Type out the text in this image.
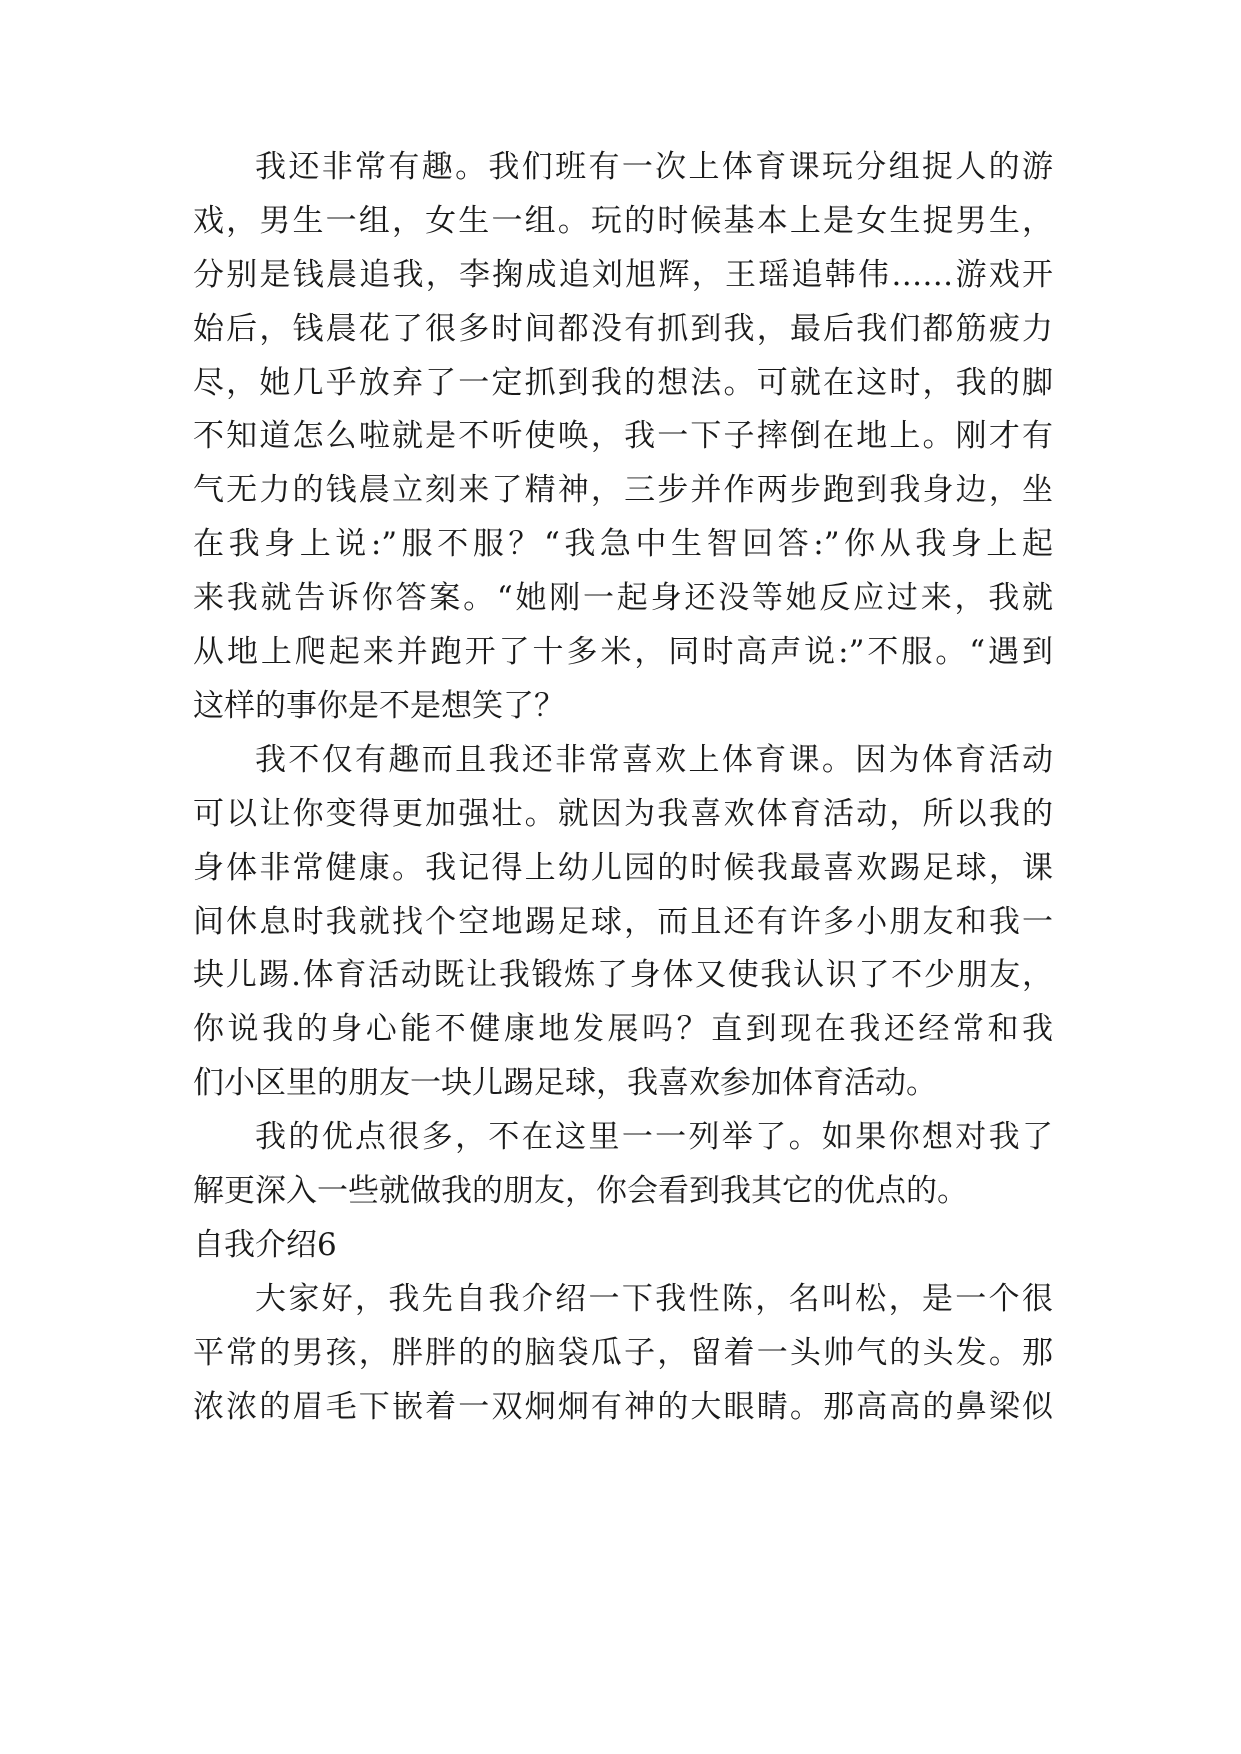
我还非常有趣。我们班有一次上体育课玩分组捉人的游
戏，男生一组，女生一组。玩的时候基本上是女生捉男生，
分别是钱晨追我，李掬成追刘旭辉，王瑶追韩伟……游戏开
始后，钱晨花了很多时间都没有抓到我，最后我们都筋疲力
尽，她几乎放弃了一定抓到我的想法。可就在这时，我的脚
不知道怎么啦就是不听使唤，我一下子摔倒在地上。刚才有
气无力的钱晨立刻来了精神，三步并作两步跑到我身边，坐
在我身上说:”服不服？“我急中生智回答:”你从我身上起
来我就告诉你答案。“她刚一起身还没等她反应过来，我就
从地上爬起来并跑开了十多米，同时高声说:”不服。“遇到
这样的事你是不是想笑了？
我不仅有趣而且我还非常喜欢上体育课。因为体育活动
可以让你变得更加强壮。就因为我喜欢体育活动，所以我的
身体非常健康。我记得上幼儿园的时候我最喜欢踢足球，课
间休息时我就找个空地踢足球，而且还有许多小朋友和我一
块儿踢.体育活动既让我锻炼了身体又使我认识了不少朋友，
你说我的身心能不健康地发展吗？直到现在我还经常和我
们小区里的朋友一块儿踢足球，我喜欢参加体育活动。
我的优点很多，不在这里一一列举了。如果你想对我了
解更深入一些就做我的朋友，你会看到我其它的优点的。
自我介绍6
大家好，我先自我介绍一下我性陈，名叫松，是一个很
平常的男孩，胖胖的的脑袋瓜子，留着一头帅气的头发。那
浓浓的眉毛下嵌着一双炯炯有神的大眼睛。那高高的鼻梁似
